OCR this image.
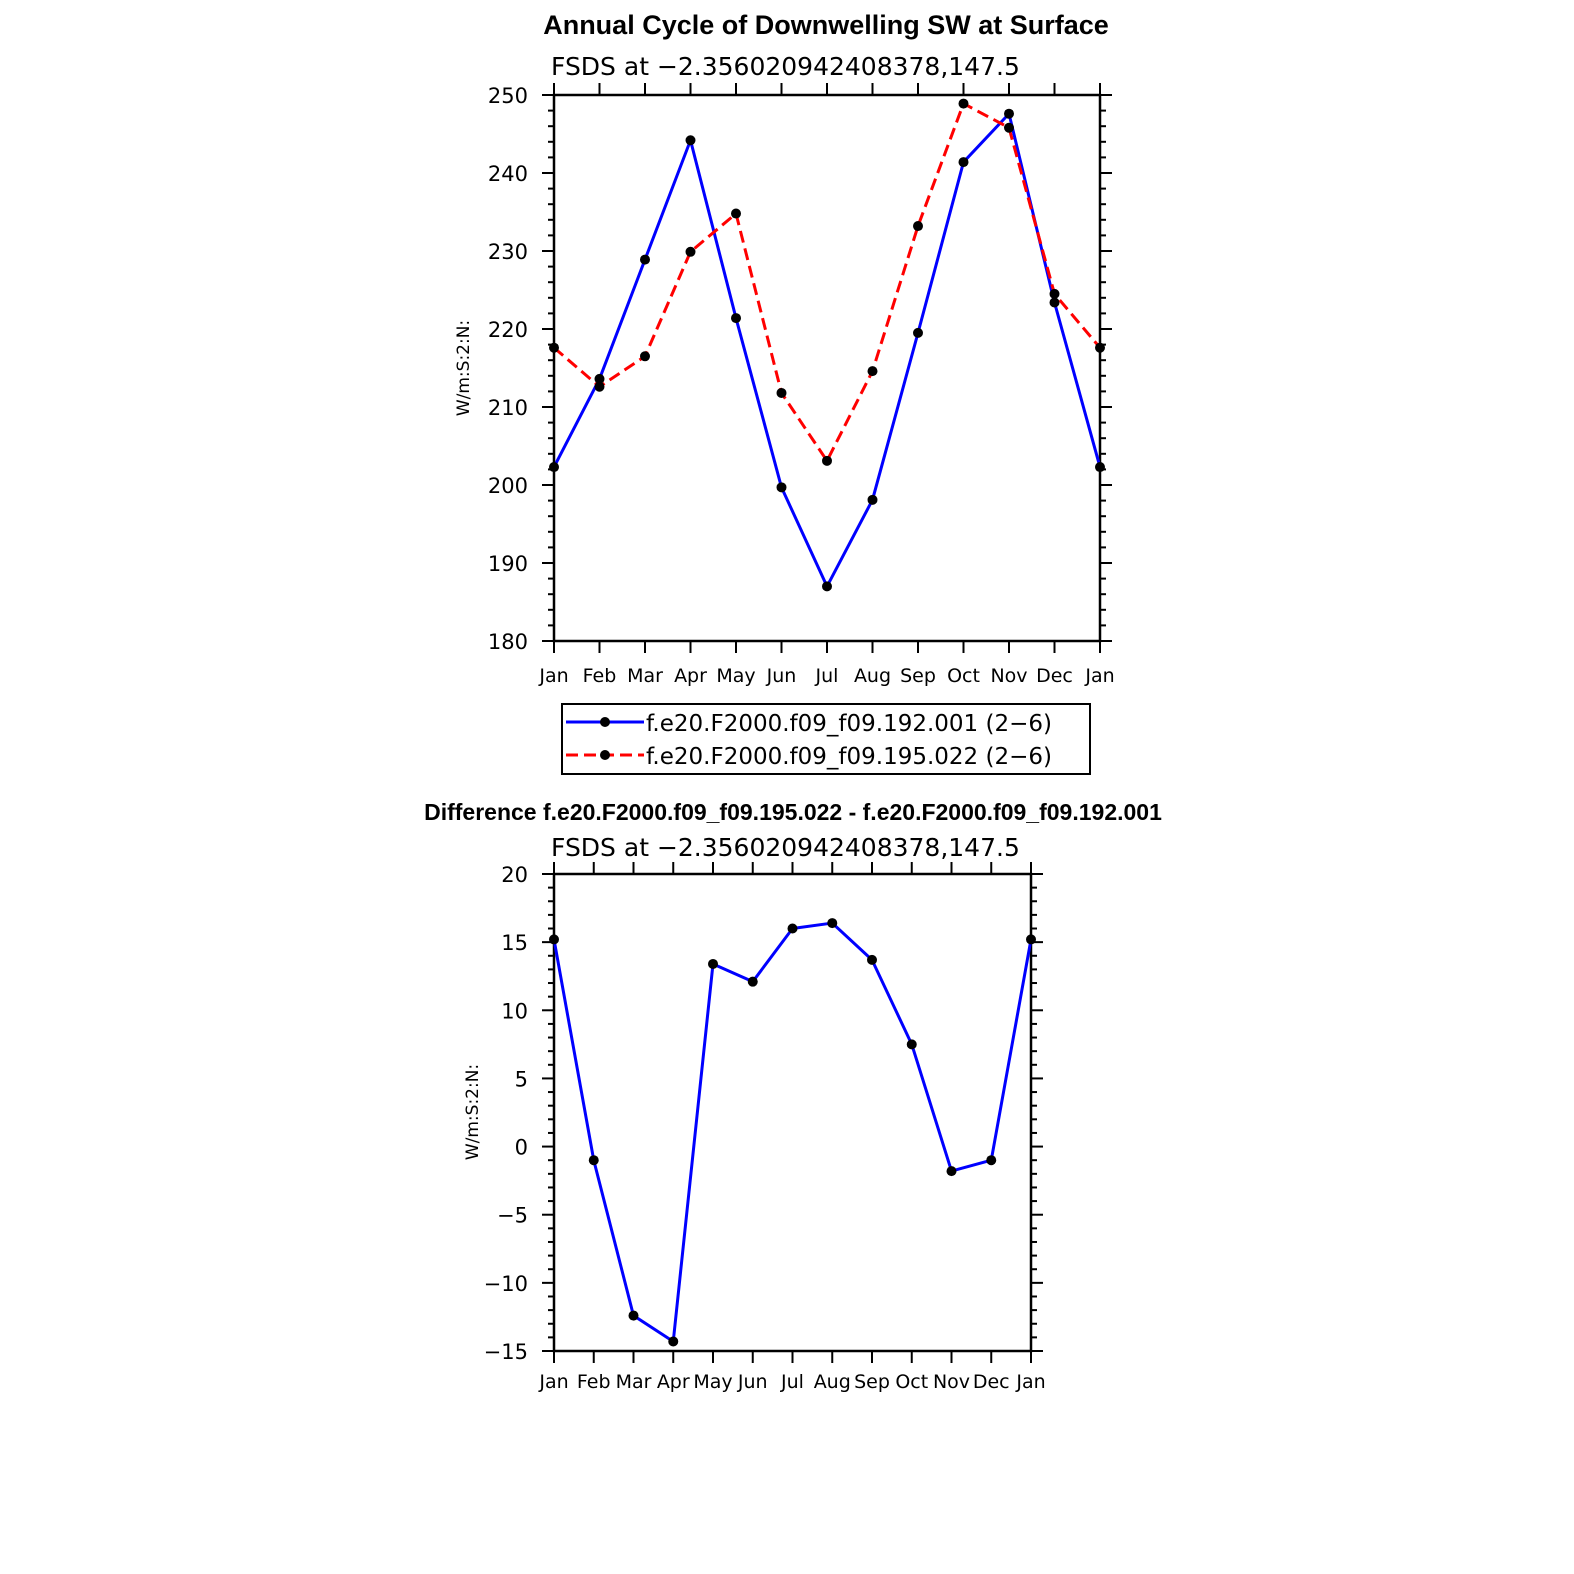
Annual Cycle of Downwelling SW at Surface
FSDS at −2.356020942408378,147.5
W/m:S:2:N:
180
190
200
210
220
230
240
250
Jan Feb Mar Apr May Jun Jul Aug Sep Oct Nov Dec Jan
f.e20.F2000.f09_f09.192.001 (2−6)
f.e20.F2000.f09_f09.195.022 (2−6)
Difference f.e20.F2000.f09_f09.195.022 - f.e20.F2000.f09_f09.192.001
FSDS at −2.356020942408378,147.5
W/m:S:2:N:
−15
−10
−5
0
5
10
15
20
Jan Feb Mar Apr May Jun Jul Aug Sep Oct Nov Dec Jan
